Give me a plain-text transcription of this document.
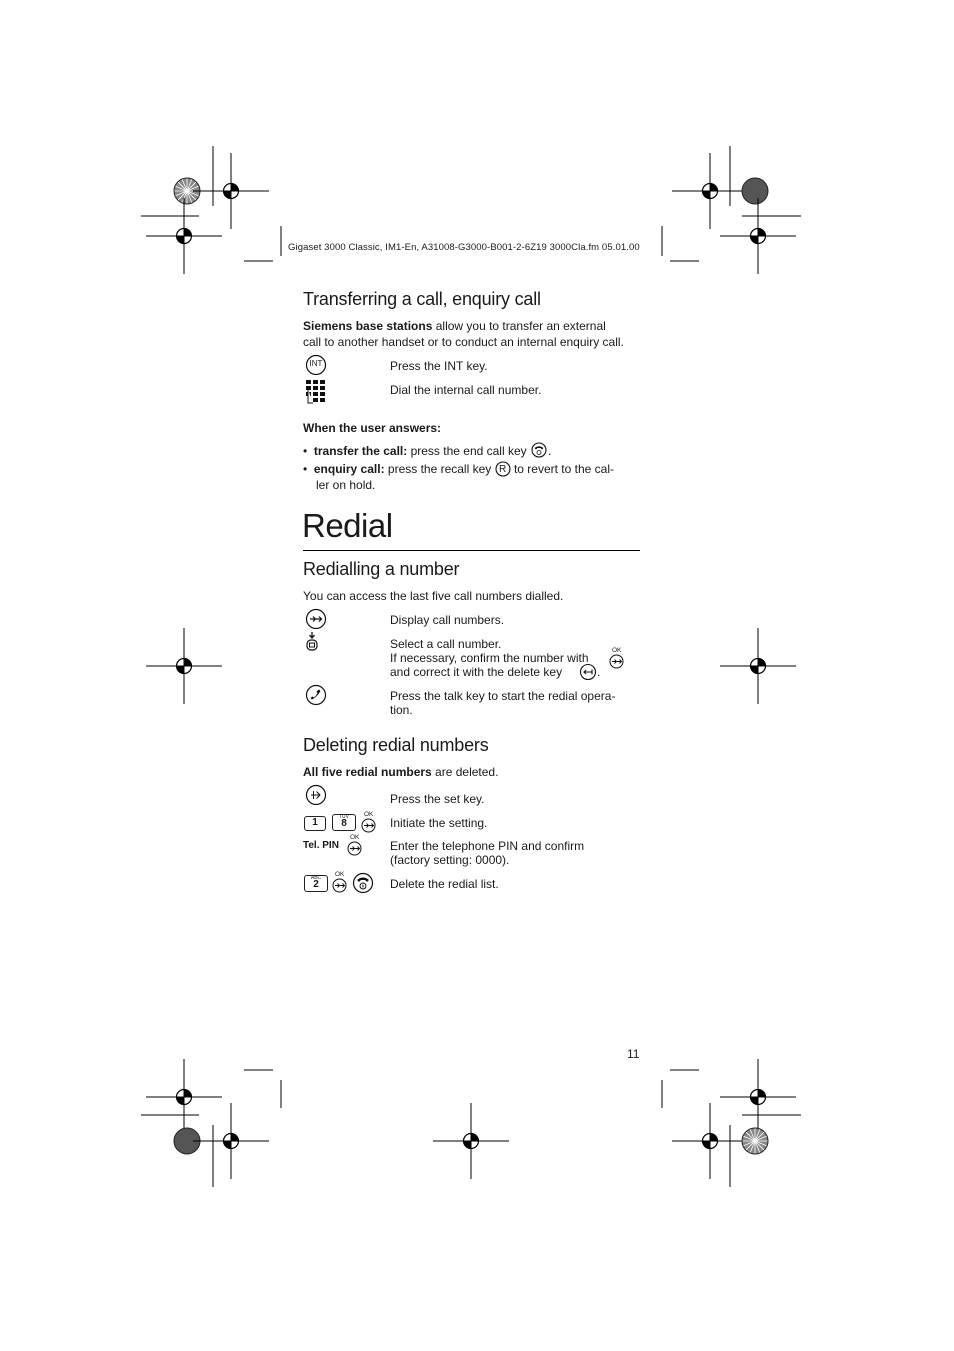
Gigaset 3000 Classic, IM1-En, A31008-G3000-B001-2-6Z19 3000Cla.fm 05.01.00
Transferring a call, enquiry call
Siemens base stations allow you to transfer an external
call to another handset or to conduct an internal enquiry call.
INT	Press the INT key.
Dial the internal call number.
When the user answers:
•  transfer the call: press the end call key .
•  enquiry call: press the recall key R to revert to the cal-
ler on hold.
Redial
Redialling a number
You can access the last five call numbers dialled.
Display call numbers.
Select a call number.
If necessary, confirm the number with
and correct it with the delete key
OK
.
Press the talk key to start the redial opera-
tion.
Deleting redial numbers
All five redial numbers are deleted.
Press the set key.
1	TUV
8
OK
Initiate the setting.
Tel. PIN
OK
Enter the telephone PIN and confirm
(factory setting: 0000).
ABC
2
OK
Delete the redial list.
11
